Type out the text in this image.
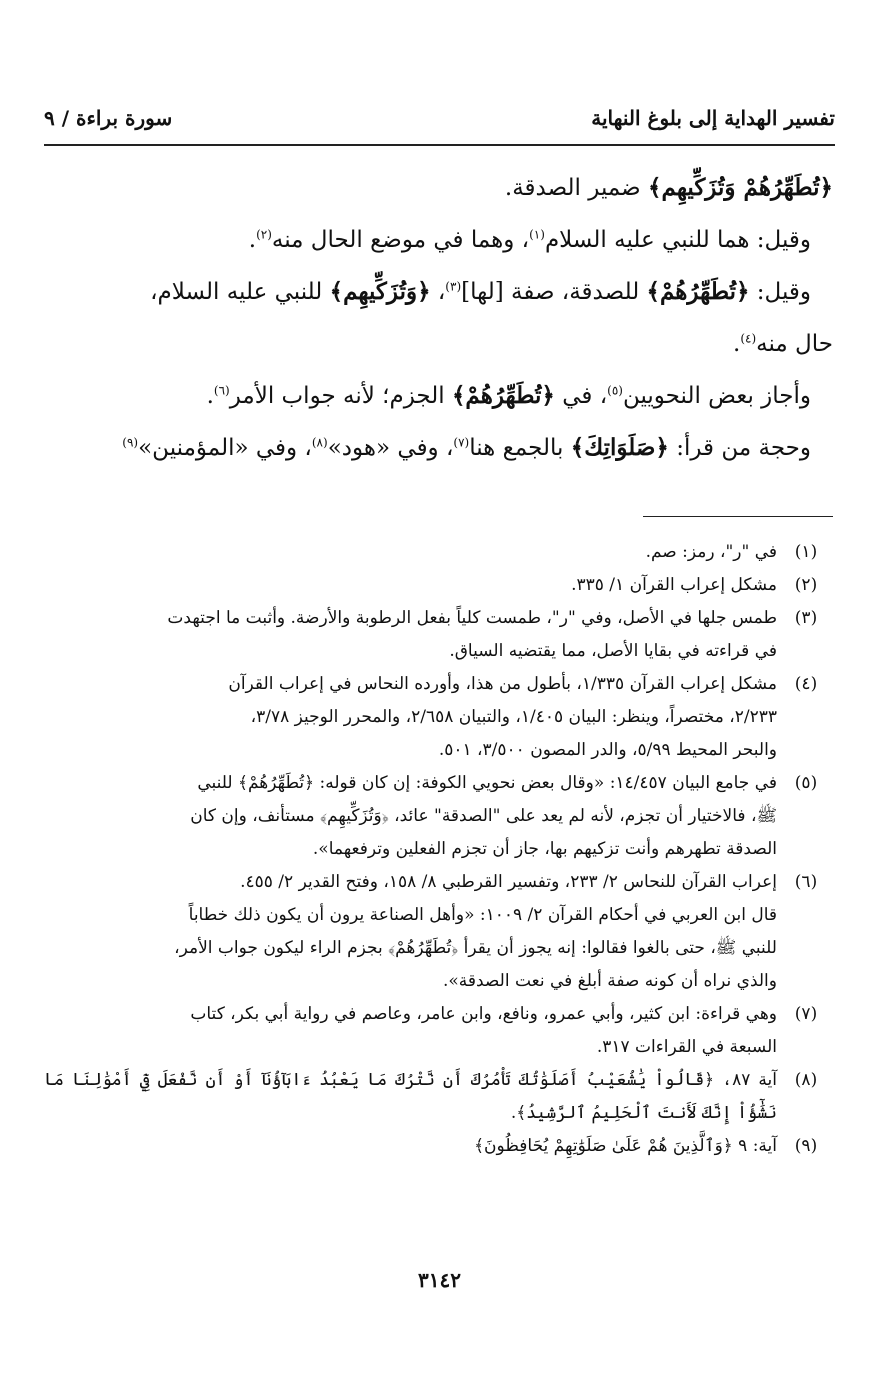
تفسير الهداية إلى بلوغ النهاية
سورة براءة / ٩

﴿تُطَهِّرُهُمْ وَتُزَكِّيهِم﴾ ضمير الصدقة.

وقيل: هما للنبي عليه السلام$^{(١)}$، وهما في موضع الحال منه$^{(٢)}$.

وقيل: ﴿تُطَهِّرُهُمْ﴾ للصدقة، صفة [لها]$^{(٣)}$، ﴿وَتُزَكِّيهِم﴾ للنبي عليه السلام،

حال منه$^{(٤)}$.

وأجاز بعض النحويين$^{(٥)}$، في ﴿تُطَهِّرُهُمْ﴾ الجزم؛ لأنه جواب الأمر$^{(٦)}$.

وحجة من قرأ: ﴿صَلَوَاتِكَ﴾ بالجمع هنا$^{(٧)}$، وفي «هود»$^{(٨)}$، وفي «المؤمنين»$^{(٩)}$

(١)
في "ر"، رمز: صم.
(٢)
مشكل إعراب القرآن ١/ ٣٣٥.
(٣)
طمس جلها في الأصل، وفي "ر"، طمست كلياً بفعل الرطوبة والأرضة. وأثبت ما اجتهدت
في قراءته في بقايا الأصل، مما يقتضيه السياق.
(٤)
مشكل إعراب القرآن ١/٣٣٥، بأطول من هذا، وأورده النحاس في إعراب القرآن
٢/٢٣٣، مختصراً، وينظر: البيان ١/٤٠٥، والتبيان ٢/٦٥٨، والمحرر الوجيز ٣/٧٨،
والبحر المحيط ٥/٩٩، والدر المصون ٣/٥٠٠، ٥٠١.
(٥)
في جامع البيان ١٤/٤٥٧: «وقال بعض نحويي الكوفة: إن كان قوله: ﴿تُطَهِّرُهُمْ﴾ للنبي
ﷺ، فالاختيار أن تجزم، لأنه لم يعد على "الصدقة" عائد، ﴿وَتُزَكِّيهِم﴾ مستأنف، وإن كان
الصدقة تطهرهم وأنت تزكيهم بها، جاز أن تجزم الفعلين وترفعهما».
(٦)
إعراب القرآن للنحاس ٢/ ٢٣٣، وتفسير القرطبي ٨/ ١٥٨، وفتح القدير ٢/ ٤٥٥.
قال ابن العربي في أحكام القرآن ٢/ ١٠٠٩: «وأهل الصناعة يرون أن يكون ذلك خطاباً
للنبي ﷺ، حتى بالغوا فقالوا: إنه يجوز أن يقرأ ﴿تُطَهِّرُهُمْ﴾ بجزم الراء ليكون جواب الأمر،
والذي نراه أن كونه صفة أبلغ في نعت الصدقة».
(٧)
وهي قراءة: ابن كثير، وأبي عمرو، ونافع، وابن عامر، وعاصم في رواية أبي بكر، كتاب
السبعة في القراءات ٣١٧.
(٨)
آية ٨٧، ﴿قَالُواْ يَٰشُعَيْبُ أَصَلَوَٰتُكَ تَأْمُرُكَ أَن نَّتْرُكَ مَا يَعْبُدُ ءَابَآؤُنَآ أَوْ أَن نَّفْعَلَ فِيٓ أَمْوَٰلِنَا مَا نَشَٰٓؤُاْ إِنَّكَ لَأَنتَ ٱلْحَلِيمُ ٱلرَّشِيدُ﴾.
(٩)
آية: ٩ ﴿وَٱلَّذِينَ هُمْ عَلَىٰ صَلَوَٰتِهِمْ يُحَافِظُونَ﴾
٣١٤٢
